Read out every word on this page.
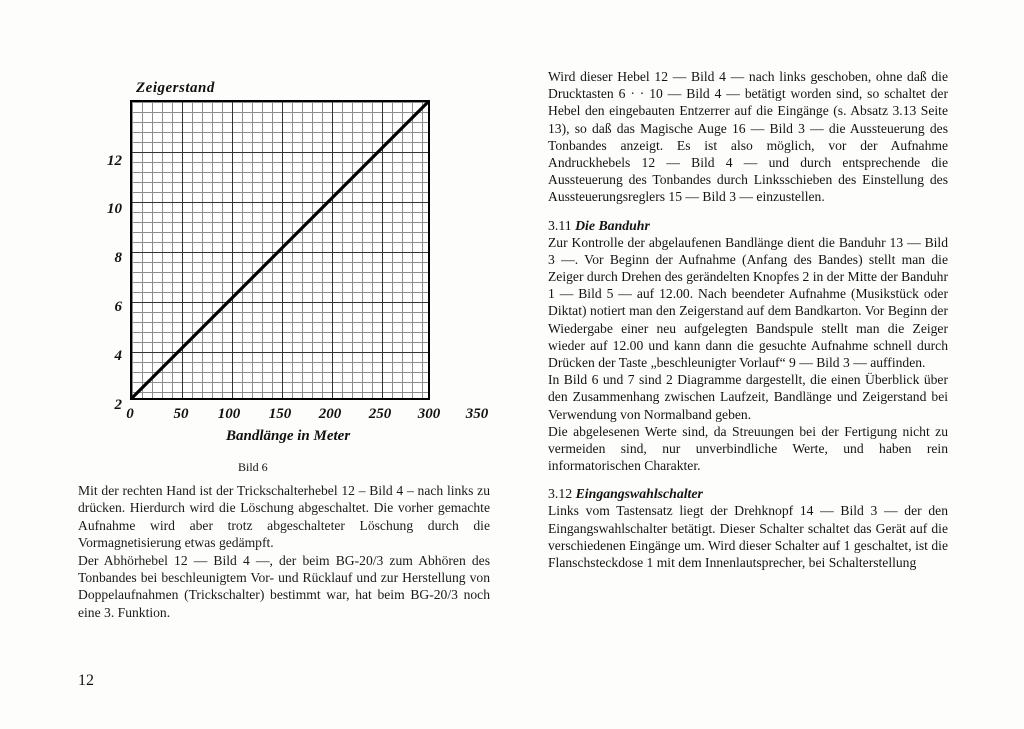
Zeigerstand
12
10
8
6
4
2
0	50	100	150	200	250	300	350
Bandlänge in Meter
Bild 6

Mit der rechten Hand ist der Trickschalterhebel 12 – Bild 4 – nach links zu drücken. Hierdurch wird die Löschung abgeschaltet. Die vorher gemachte Aufnahme wird aber trotz abgeschalteter Löschung durch die Vormagnetisierung etwas gedämpft.

Der Abhörhebel 12 — Bild 4 —, der beim BG-20/3 zum Abhören des Tonbandes bei beschleunigtem Vor- und Rücklauf und zur Herstellung von Doppelaufnahmen (Trickschalter) bestimmt war, hat beim BG-20/3 noch eine 3. Funktion.

12

Wird dieser Hebel 12 — Bild 4 — nach links geschoben, ohne daß die Drucktasten 6 · · 10 — Bild 4 — betätigt worden sind, so schaltet der Hebel den eingebauten Entzerrer auf die Eingänge (s. Absatz 3.13 Seite 13), so daß das Magische Auge 16 — Bild 3 — die Aussteuerung des Tonbandes anzeigt. Es ist also möglich, vor der Aufnahme Andruckhebels 12 — Bild 4 — und durch entsprechende die Aussteuerung des Tonbandes durch Linksschieben des Einstellung des Aussteuerungsreglers 15 — Bild 3 — einzustellen.

3.11 Die Banduhr

Zur Kontrolle der abgelaufenen Bandlänge dient die Banduhr 13 — Bild 3 —. Vor Beginn der Aufnahme (Anfang des Bandes) stellt man die Zeiger durch Drehen des gerändelten Knopfes 2 in der Mitte der Banduhr 1 — Bild 5 — auf 12.00. Nach beendeter Aufnahme (Musikstück oder Diktat) notiert man den Zeigerstand auf dem Bandkarton. Vor Beginn der Wiedergabe einer neu aufgelegten Bandspule stellt man die Zeiger wieder auf 12.00 und kann dann die gesuchte Aufnahme schnell durch Drücken der Taste „beschleunigter Vorlauf“ 9 — Bild 3 — auffinden.

In Bild 6 und 7 sind 2 Diagramme dargestellt, die einen Überblick über den Zusammenhang zwischen Laufzeit, Bandlänge und Zeigerstand bei Verwendung von Normalband geben.

Die abgelesenen Werte sind, da Streuungen bei der Fertigung nicht zu vermeiden sind, nur unverbindliche Werte, und haben rein informatorischen Charakter.

3.12 Eingangswahlschalter

Links vom Tastensatz liegt der Drehknopf 14 — Bild 3 — der den Eingangswahlschalter betätigt. Dieser Schalter schaltet das Gerät auf die verschiedenen Eingänge um. Wird dieser Schalter auf 1 geschaltet, ist die Flanschsteckdose 1 mit dem Innenlautsprecher, bei Schalterstellung
